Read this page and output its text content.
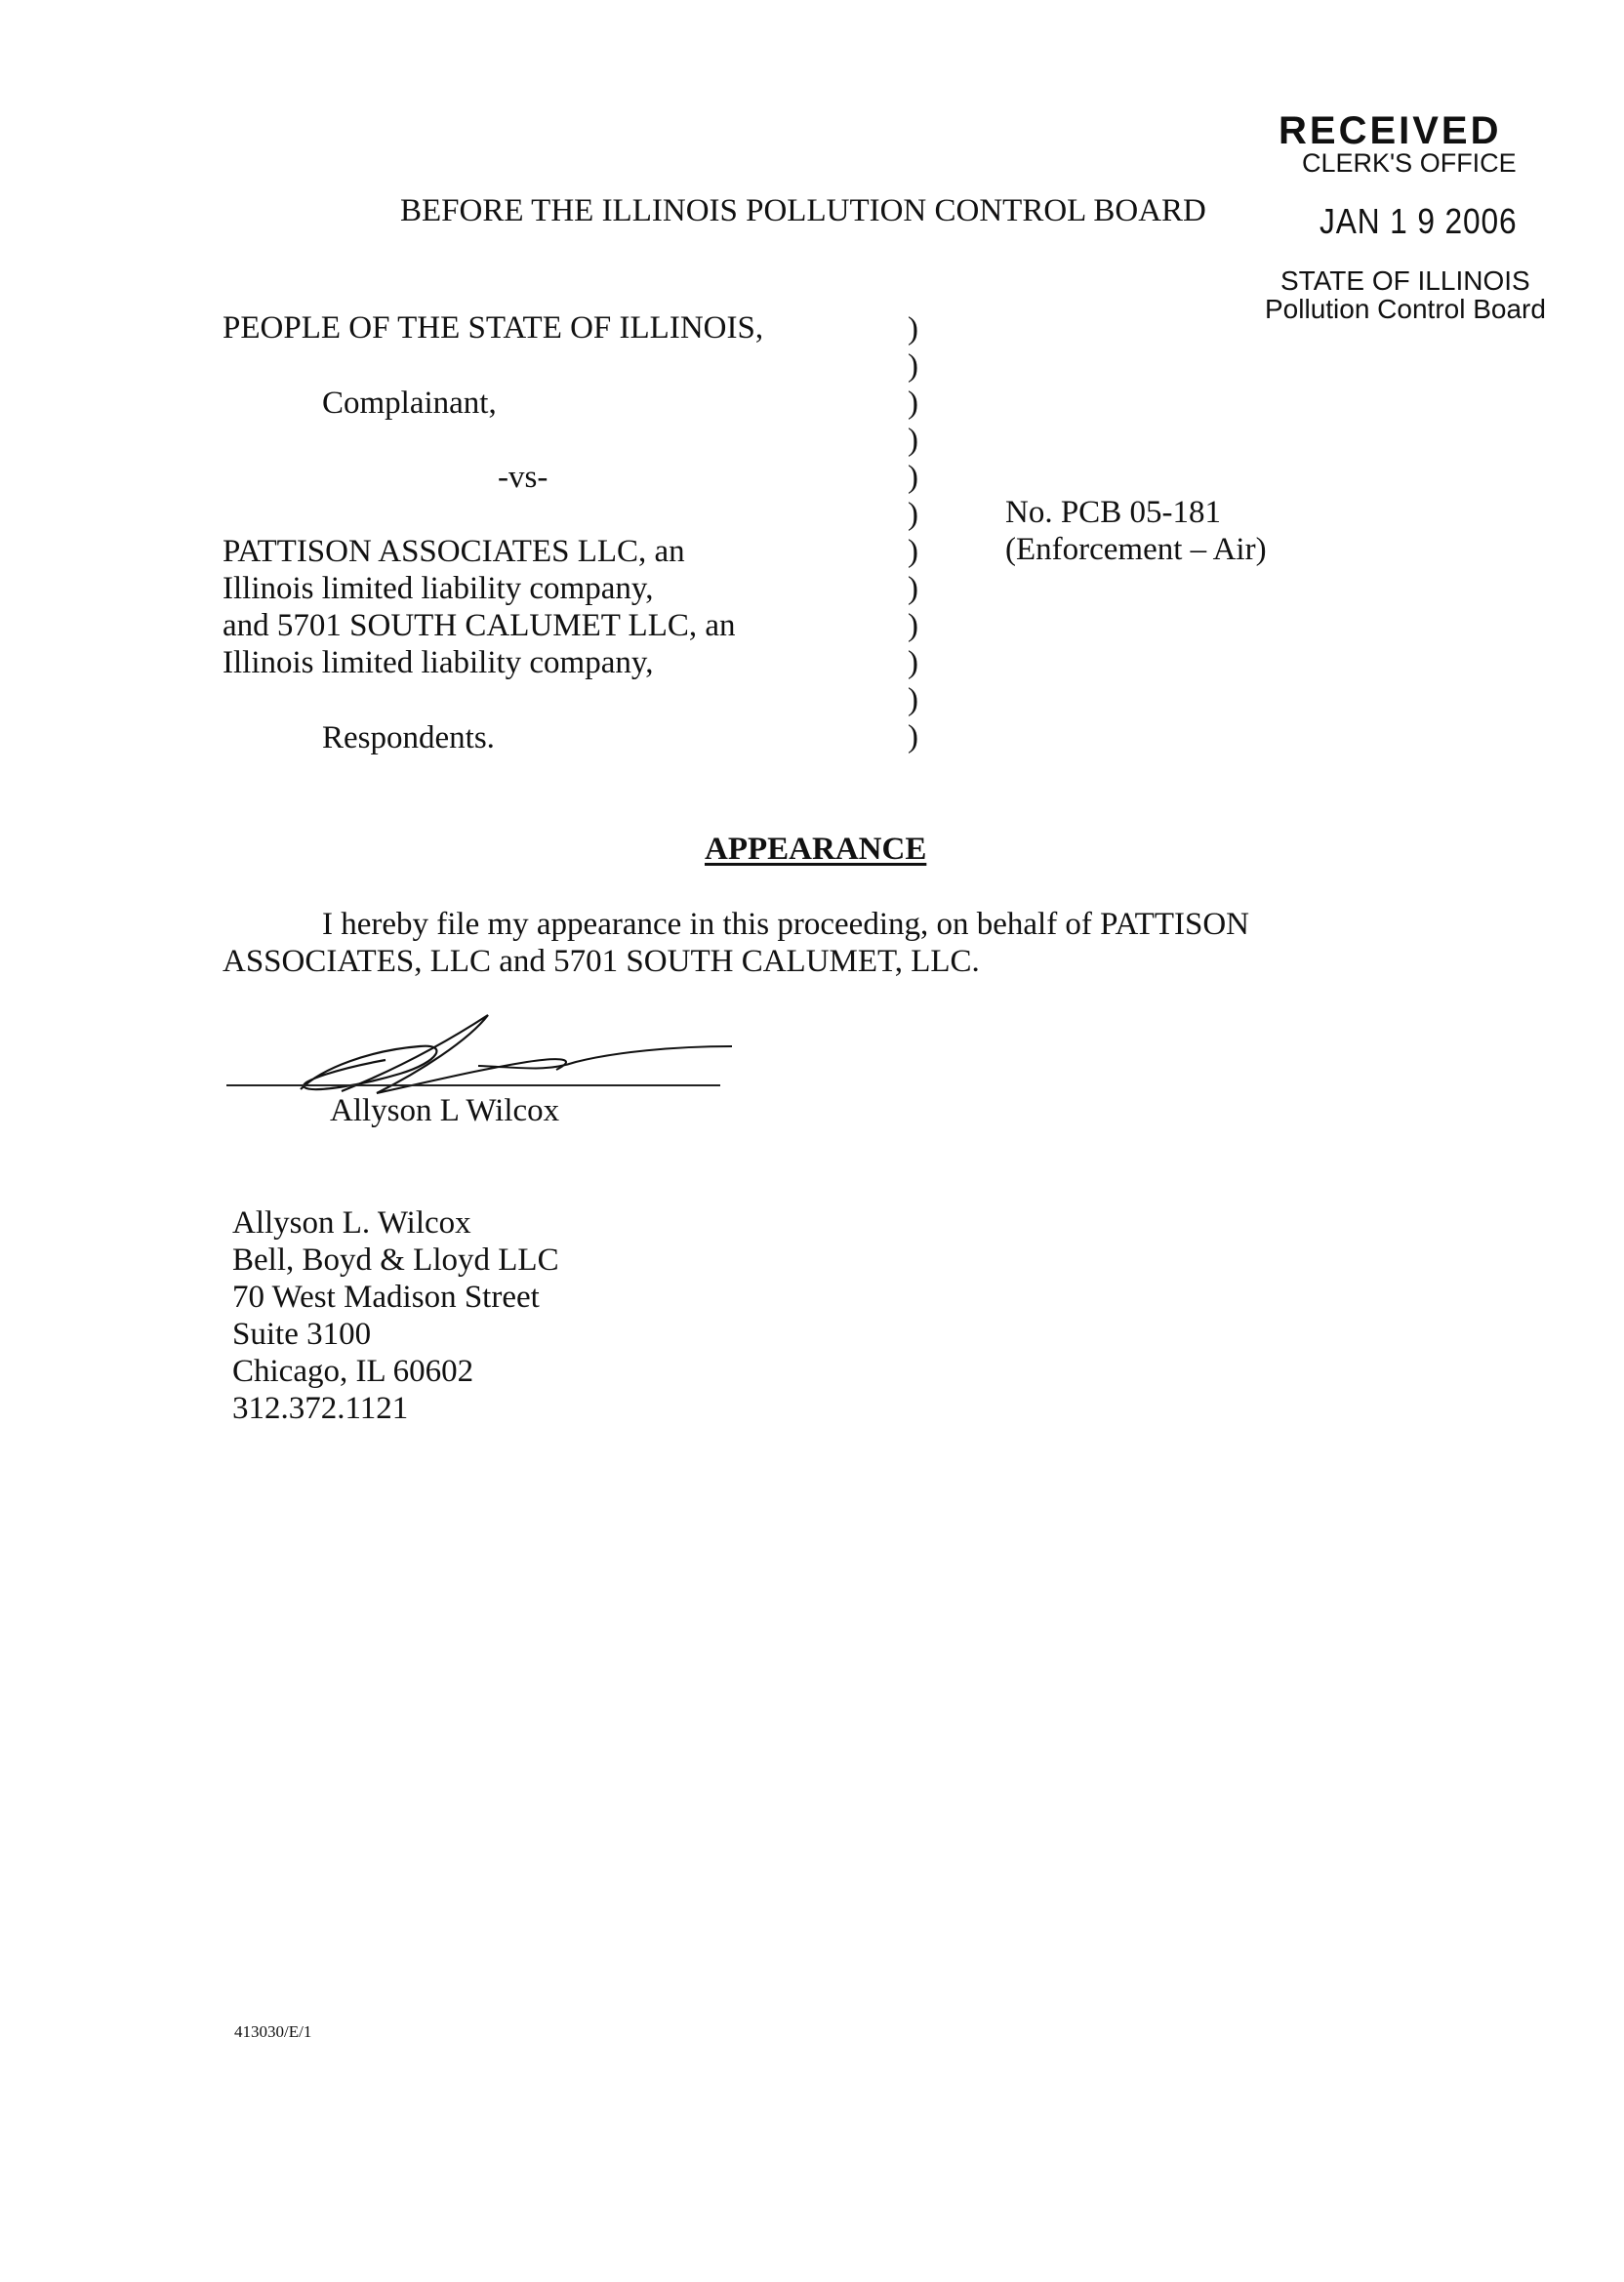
RECEIVED
CLERK'S OFFICE
JAN 1 9 2006
STATE OF ILLINOIS
Pollution Control Board
BEFORE THE ILLINOIS POLLUTION CONTROL BOARD
PEOPLE OF THE STATE OF ILLINOIS,
Complainant,
-vs-
PATTISON ASSOCIATES LLC, an
Illinois limited liability company,
and 5701 SOUTH CALUMET LLC, an
Illinois limited liability company,
Respondents.
)
)
)
)
)
)
)
)
)
)
)
)
No. PCB 05-181
(Enforcement – Air)
APPEARANCE
I hereby file my appearance in this proceeding, on behalf of PATTISON
ASSOCIATES, LLC and 5701 SOUTH CALUMET, LLC.
Allyson L Wilcox
Allyson L. Wilcox
Bell, Boyd & Lloyd LLC
70 West Madison Street
Suite 3100
Chicago, IL 60602
312.372.1121
413030/E/1
